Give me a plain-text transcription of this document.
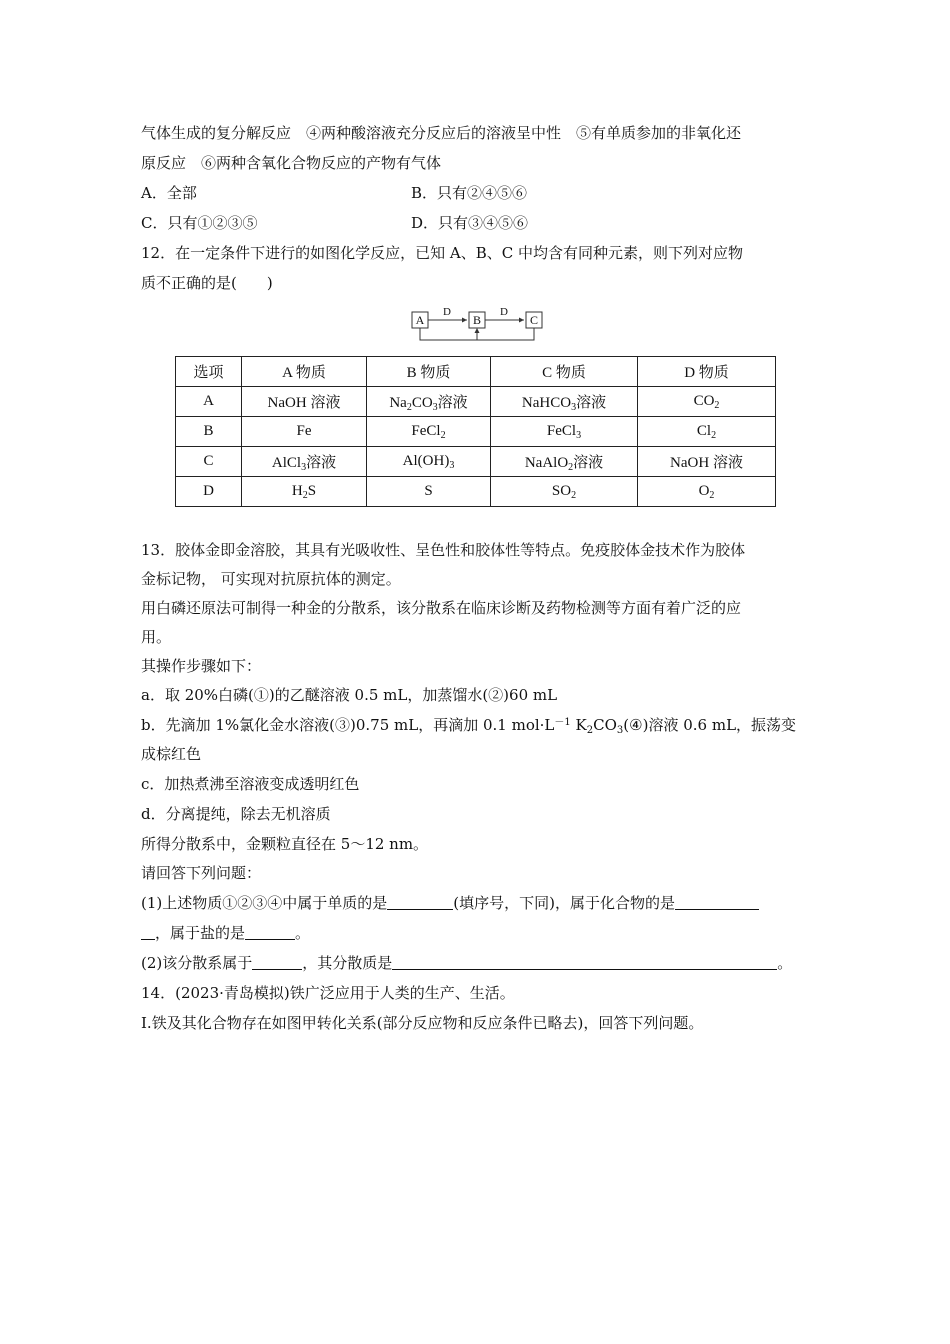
气体生成的复分解反应　④两种酸溶液充分反应后的溶液呈中性　⑤有单质参加的非氧化还
原反应　⑥两种含氧化合物反应的产物有气体
A．全部	B．只有②④⑤⑥
C．只有①②③⑤	D．只有③④⑤⑥
12．在一定条件下进行的如图化学反应，已知 A、B、C 中均含有同种元素，则下列对应物
质不正确的是(　　)
A	B	C
D	D
选项	A 物质	B 物质	C 物质	D 物质
A	NaOH 溶液	$Na_2CO_3$溶液	NaHCO$_3$溶液	$CO_2$
B	Fe	FeCl$_2$	FeCl$_3$	$Cl_2$
C	AlCl$_3$溶液	$Al(OH)_3$	NaAlO$_2$溶液	NaOH 溶液
D	$H_2S$	S	$SO_2$	$O_2$
13．胶体金即金溶胶，其具有光吸收性、呈色性和胶体性等特点。免疫胶体金技术作为胶体
金标记物， 可实现对抗原抗体的测定。
用白磷还原法可制得一种金的分散系，该分散系在临床诊断及药物检测等方面有着广泛的应
用。
其操作步骤如下：
a．取 20%白磷(①)的乙醚溶液 0.5 mL，加蒸馏水(②)60 mL
b．先滴加 1%氯化金水溶液(③)0.75 mL，再滴加 0.1 $mol\cdot L^{-1}$ $K_2CO_3(④)$溶液 0.6 mL，振荡变
成棕红色
c．加热煮沸至溶液变成透明红色
d．分离提纯，除去无机溶质
所得分散系中，金颗粒直径在 5～12 nm。
请回答下列问题：
(1)上述物质①②③④中属于单质的是	(填序号，下同)，属于化合物的是
，属于盐的是	。
(2)该分散系属于	，其分散质是	。
14．(2023·青岛模拟)铁广泛应用于人类的生产、生活。
Ⅰ.铁及其化合物存在如图甲转化关系(部分反应物和反应条件已略去)，回答下列问题。
